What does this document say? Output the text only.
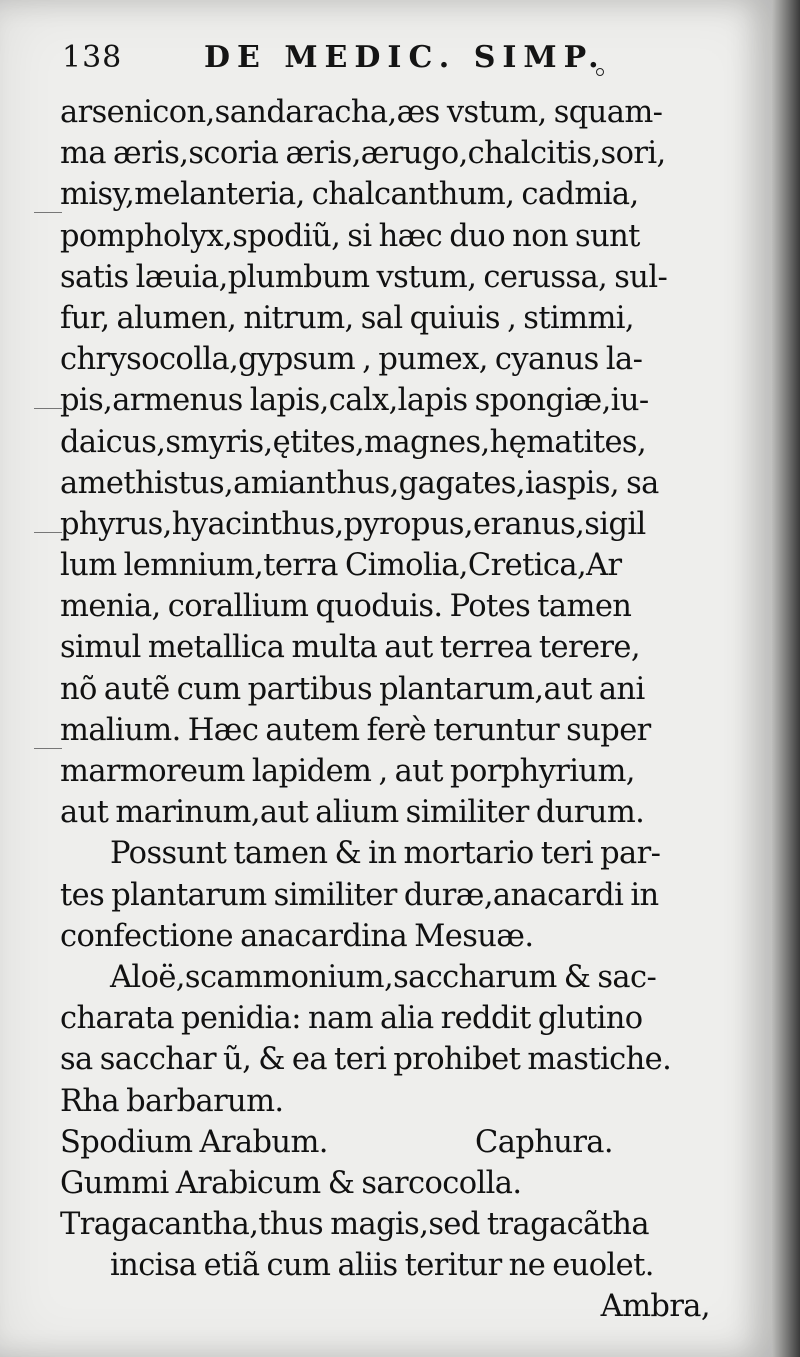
138	DE MEDIC. SIMP.
arsenicon,sandaracha,æs vstum, squam-
ma æris,scoria æris,ærugo,chalcitis,sori,
misy,melanteria, chalcanthum, cadmia,
pompholyx,spodiũ, si hæc duo non sunt
satis læuia,plumbum vstum, cerussa, sul-
fur, alumen, nitrum, sal quiuis , stimmi,
chrysocolla,gypsum , pumex, cyanus la-
pis,armenus lapis,calx,lapis spongiæ,iu-
daicus,smyris,ętites,magnes,hęmatites,
amethistus,amianthus,gagates,iaspis, sa
phyrus,hyacinthus,pyropus,eranus,sigil
lum lemnium,terra Cimolia,Cretica,Ar
menia, corallium quoduis. Potes tamen
simul metallica multa aut terrea terere,
nõ autẽ cum partibus plantarum,aut ani
malium. Hæc autem ferè teruntur super
marmoreum lapidem , aut porphyrium,
aut marinum,aut alium similiter durum.
Possunt tamen & in mortario teri par-
tes plantarum similiter duræ,anacardi in
confectione anacardina Mesuæ.
Aloë,scammonium,saccharum & sac-
charata penidia: nam alia reddit glutino
sa sacchar ũ, & ea teri prohibet mastiche.
Rha barbarum.
Spodium Arabum.	Caphura.
Gummi Arabicum & sarcocolla.
Tragacantha,thus magis,sed tragacãtha
incisa etiã cum aliis teritur ne euolet.
Ambra,
